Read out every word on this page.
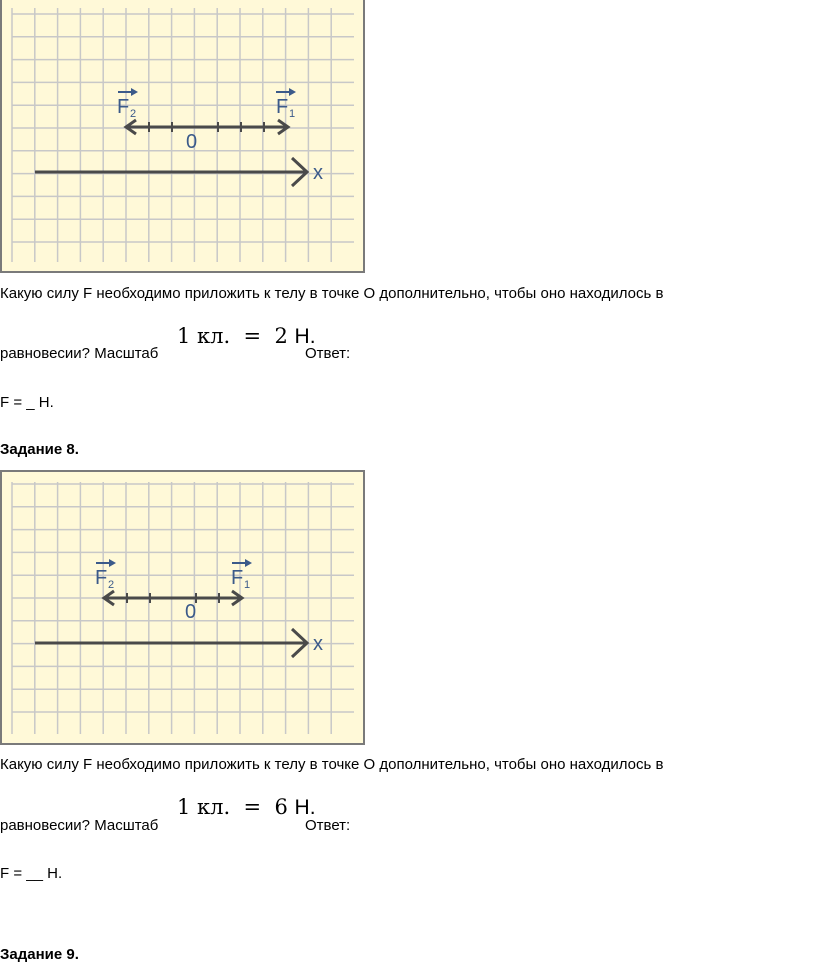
0
F 2	F 1
x
Какую силу F необходимо приложить к телу в точке O дополнительно, чтобы оно находилось в
1 кл.  =  2 Н.
равновесии? Масштаб	Ответ:
F = _ Н.
Задание 8.
0
F 2	F 1
x
Какую силу F необходимо приложить к телу в точке O дополнительно, чтобы оно находилось в
1 кл.  =  6 Н.
равновесии? Масштаб	Ответ:
F = __ Н.
Задание 9.
